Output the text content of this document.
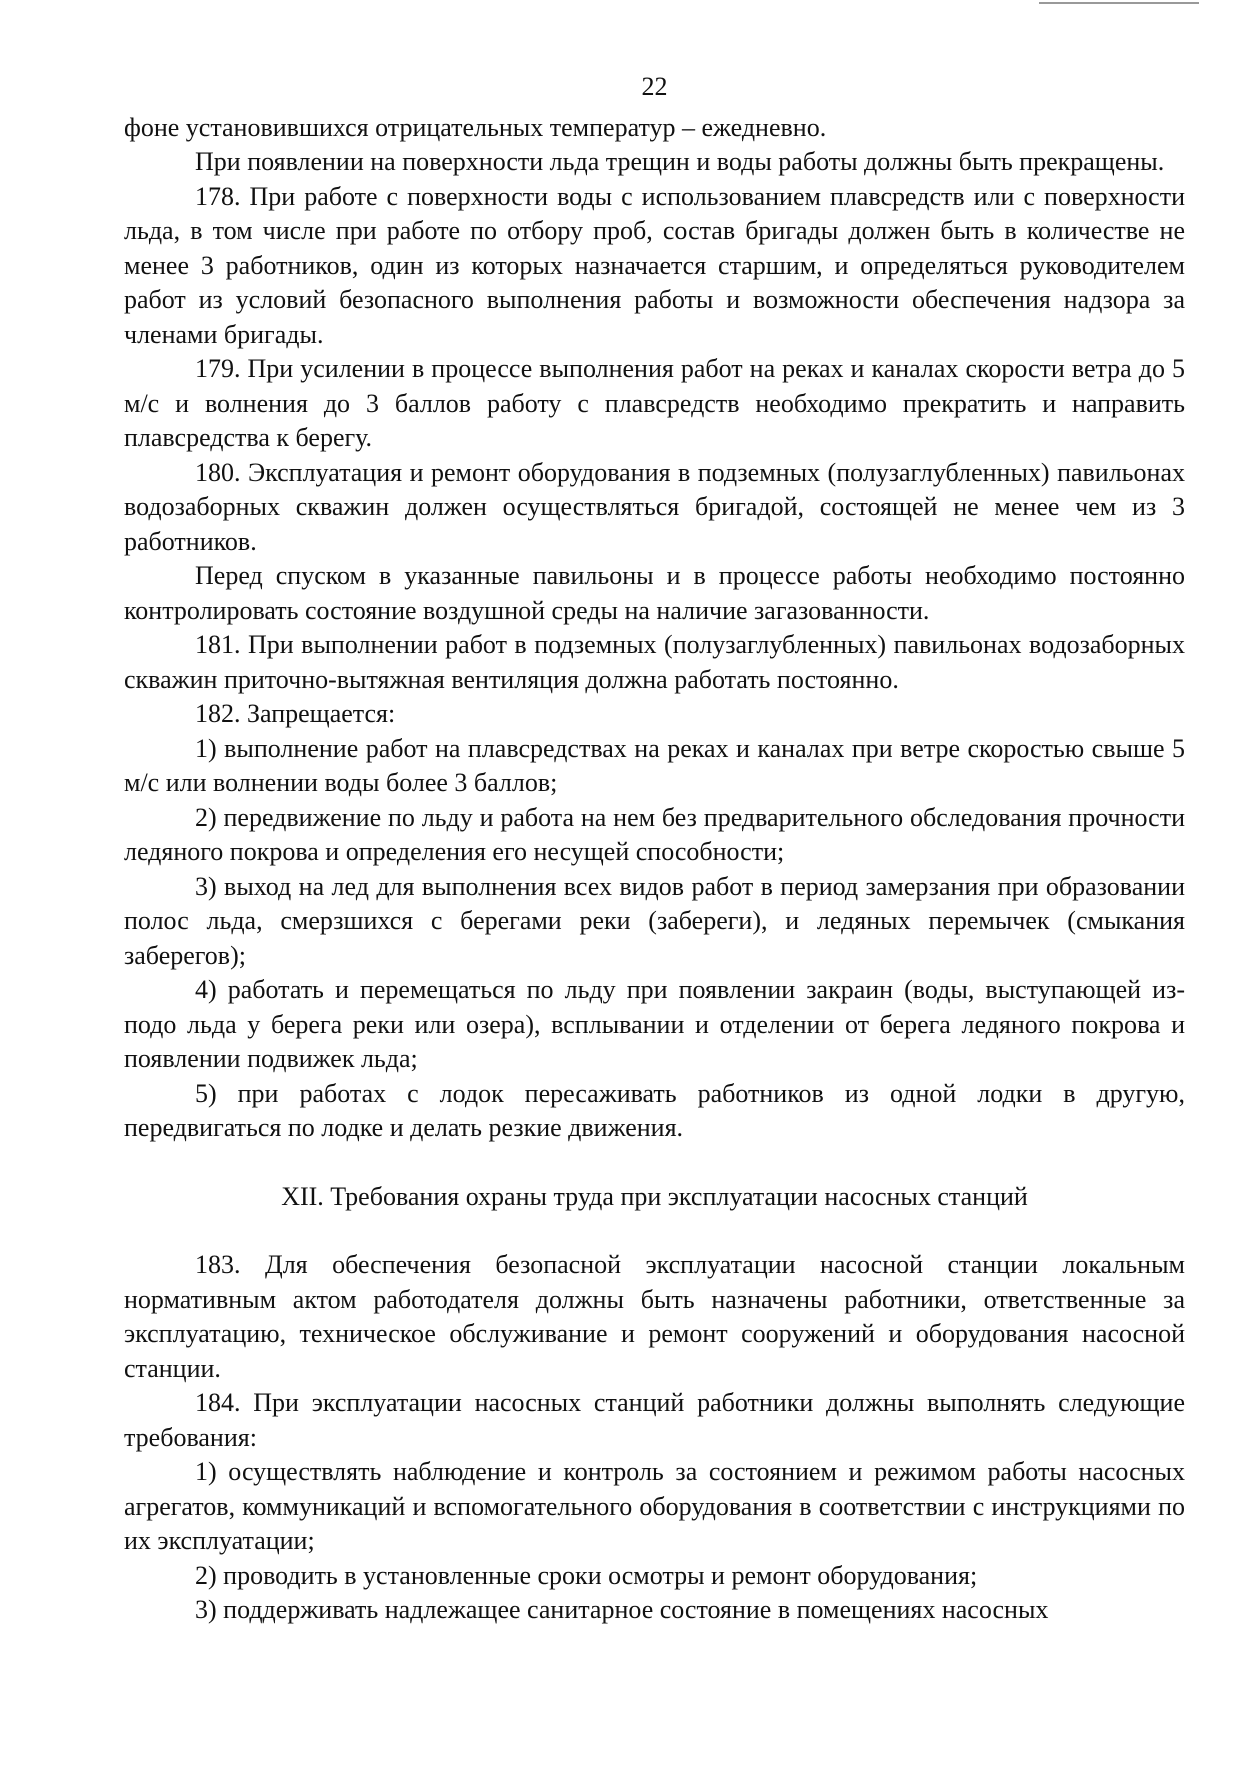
22

фоне установившихся отрицательных температур – ежедневно.

При появлении на поверхности льда трещин и воды работы должны быть прекращены.

178. При работе с поверхности воды с использованием плавсредств или с поверхности льда, в том числе при работе по отбору проб, состав бригады должен быть в количестве не менее 3 работников, один из которых назначается старшим, и определяться руководителем работ из условий безопасного выполнения работы и возможности обеспечения надзора за членами бригады.

179. При усилении в процессе выполнения работ на реках и каналах скорости ветра до 5 м/с и волнения до 3 баллов работу с плавсредств необходимо прекратить и направить плавсредства к берегу.

180. Эксплуатация и ремонт оборудования в подземных (полузаглубленных) павильонах водозаборных скважин должен осуществляться бригадой, состоящей не менее чем из 3 работников.

Перед спуском в указанные павильоны и в процессе работы необходимо постоянно контролировать состояние воздушной среды на наличие загазованности.

181. При выполнении работ в подземных (полузаглубленных) павильонах водозаборных скважин приточно-вытяжная вентиляция должна работать постоянно.

182. Запрещается:

1) выполнение работ на плавсредствах на реках и каналах при ветре скоростью свыше 5 м/с или волнении воды более 3 баллов;

2) передвижение по льду и работа на нем без предварительного обследования прочности ледяного покрова и определения его несущей способности;

3) выход на лед для выполнения всех видов работ в период замерзания при образовании полос льда, смерзшихся с берегами реки (забереги), и ледяных перемычек (смыкания заберегов);

4) работать и перемещаться по льду при появлении закраин (воды, выступающей из-подо льда у берега реки или озера), всплывании и отделении от берега ледяного покрова и появлении подвижек льда;

5) при работах с лодок пересаживать работников из одной лодки в другую, передвигаться по лодке и делать резкие движения.

XII. Требования охраны труда при эксплуатации насосных станций

183. Для обеспечения безопасной эксплуатации насосной станции локальным нормативным актом работодателя должны быть назначены работники, ответственные за эксплуатацию, техническое обслуживание и ремонт сооружений и оборудования насосной станции.

184. При эксплуатации насосных станций работники должны выполнять следующие требования:

1) осуществлять наблюдение и контроль за состоянием и режимом работы насосных агрегатов, коммуникаций и вспомогательного оборудования в соответствии с инструкциями по их эксплуатации;

2) проводить в установленные сроки осмотры и ремонт оборудования;

3) поддерживать надлежащее санитарное состояние в помещениях насосных
